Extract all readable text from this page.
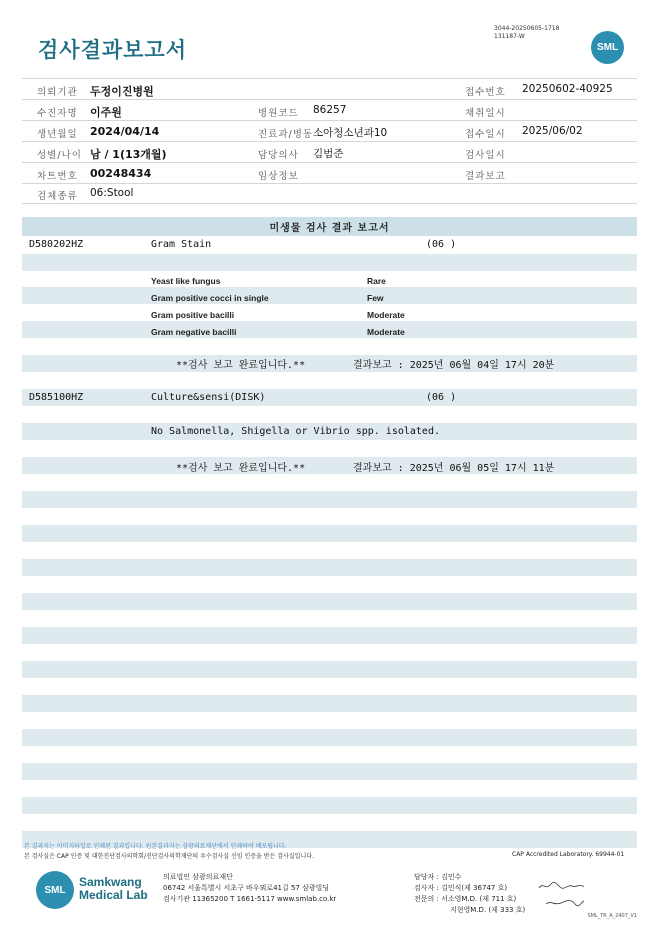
검사결과보고서
3044-20250605-1718
131187-W
SML
의뢰기관 두정이진병원	접수번호 20250602-40925
수진자명 이주원	병원코드 86257	채취일시
생년월일 2024/04/14	진료과/병동 소아청소년과10	접수일시 2025/06/02
성별/나이 남 / 1(13개월)	담당의사 김범준	검사일시
차트번호 00248434	임상정보	결과보고
검체종류 06:Stool
미생물 검사 결과 보고서
D580202HZ	Gram Stain	(06 )
Yeast like fungus	Rare
Gram positive cocci in single	Few
Gram positive bacilli	Moderate
Gram negative bacilli	Moderate
**검사 보고 완료입니다.**	결과보고 : 2025년 06월 04일 17시 20분
D585100HZ	Culture&sensi(DISK)	(06 )
No Salmonella, Shigella or Vibrio spp. isolated.
**검사 보고 완료입니다.**	결과보고 : 2025년 06월 05일 17시 11분
본 결과지는 이미지파일로 인쇄된 결과입니다. 원본결과지는 삼광의료재단에서 인쇄하여 배포됩니다.
본 검사실은 CAP 인증 및 대한진단검사의학회/진단검사의학재단의 우수검사실 신임 인증을 받은 검사실입니다.	CAP Accredited Laboratory. 69944-01
SML
Samkwang
Medical Lab
의료법인 삼광의료재단
06742 서울특별시 서초구 바우뫼로41길 57 삼광빌딩
검사기관 11365200 T 1661-5117 www.smlab.co.kr
담당자 : 김민수
검사자 : 김민식(제 36747 호)
전문의 : 서소영M.D. (제 711 호)
지현영M.D. (제 333 호)
SML_TR_A_2407_V1
